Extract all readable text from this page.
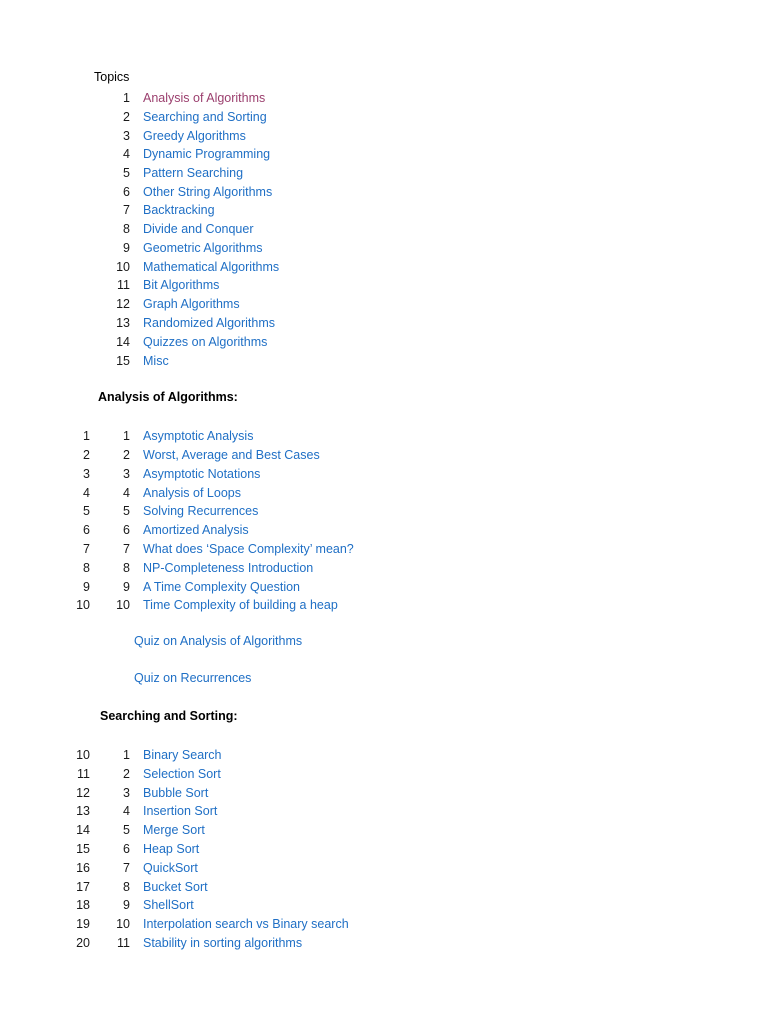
Topics
1 Analysis of Algorithms
2 Searching and Sorting
3 Greedy Algorithms
4 Dynamic Programming
5 Pattern Searching
6 Other String Algorithms
7 Backtracking
8 Divide and Conquer
9 Geometric Algorithms
10 Mathematical Algorithms
11 Bit Algorithms
12 Graph Algorithms
13 Randomized Algorithms
14 Quizzes on Algorithms
15 Misc
Analysis of Algorithms:
1	1 Asymptotic Analysis
2	2 Worst, Average and Best Cases
3	3 Asymptotic Notations
4	4 Analysis of Loops
5	5 Solving Recurrences
6	6 Amortized Analysis
7	7 What does ‘Space Complexity’ mean?
8	8 NP-Completeness Introduction
9	9 A Time Complexity Question
10 10 Time Complexity of building a heap
Quiz on Analysis of Algorithms
Quiz on Recurrences
Searching and Sorting:
10	1 Binary Search
11	2 Selection Sort
12	3 Bubble Sort
13	4 Insertion Sort
14	5 Merge Sort
15	6 Heap Sort
16	7 QuickSort
17	8 Bucket Sort
18	9 ShellSort
19 10 Interpolation search vs Binary search
20 11 Stability in sorting algorithms
